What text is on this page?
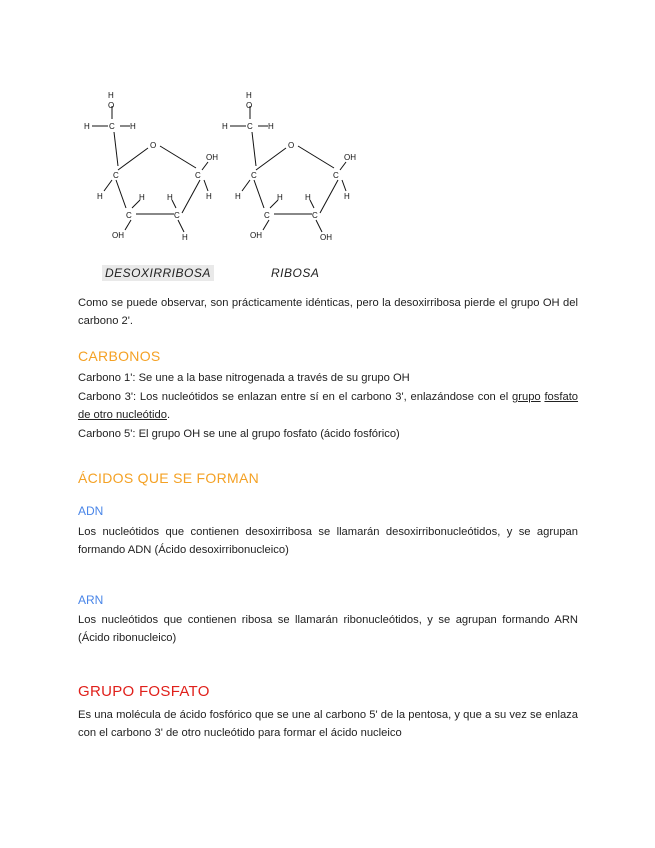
H
O
H C H
O
OH
C	C
H	H
H	H
C	C
OH	H
H
O
H C H
O
OH
C	C
H	H
H	H
C	C
OH	OH
DESOXIRRIBOSA	RIBOSA

Como se puede observar, son prácticamente idénticas, pero la desoxirribosa pierde el grupo OH del carbono 2'.

CARBONOS
Carbono 1': Se une a la base nitrogenada a través de su grupo OH
Carbono 3': Los nucleótidos se enlazan entre sí en el carbono 3', enlazándose con el grupo fosfato de otro nucleótido.
Carbono 5': El grupo OH se une al grupo fosfato (ácido fosfórico)
ÁCIDOS QUE SE FORMAN
ADN

Los nucleótidos que contienen desoxirribosa se llamarán desoxirribonucleótidos, y se agrupan formando ADN (Ácido desoxirribonucleico)

ARN

Los nucleótidos que contienen ribosa se llamarán ribonucleótidos, y se agrupan formando ARN (Ácido ribonucleico)

GRUPO FOSFATO

Es una molécula de ácido fosfórico que se une al carbono 5' de la pentosa, y que a su vez se enlaza con el carbono 3' de otro nucleótido para formar el ácido nucleico
